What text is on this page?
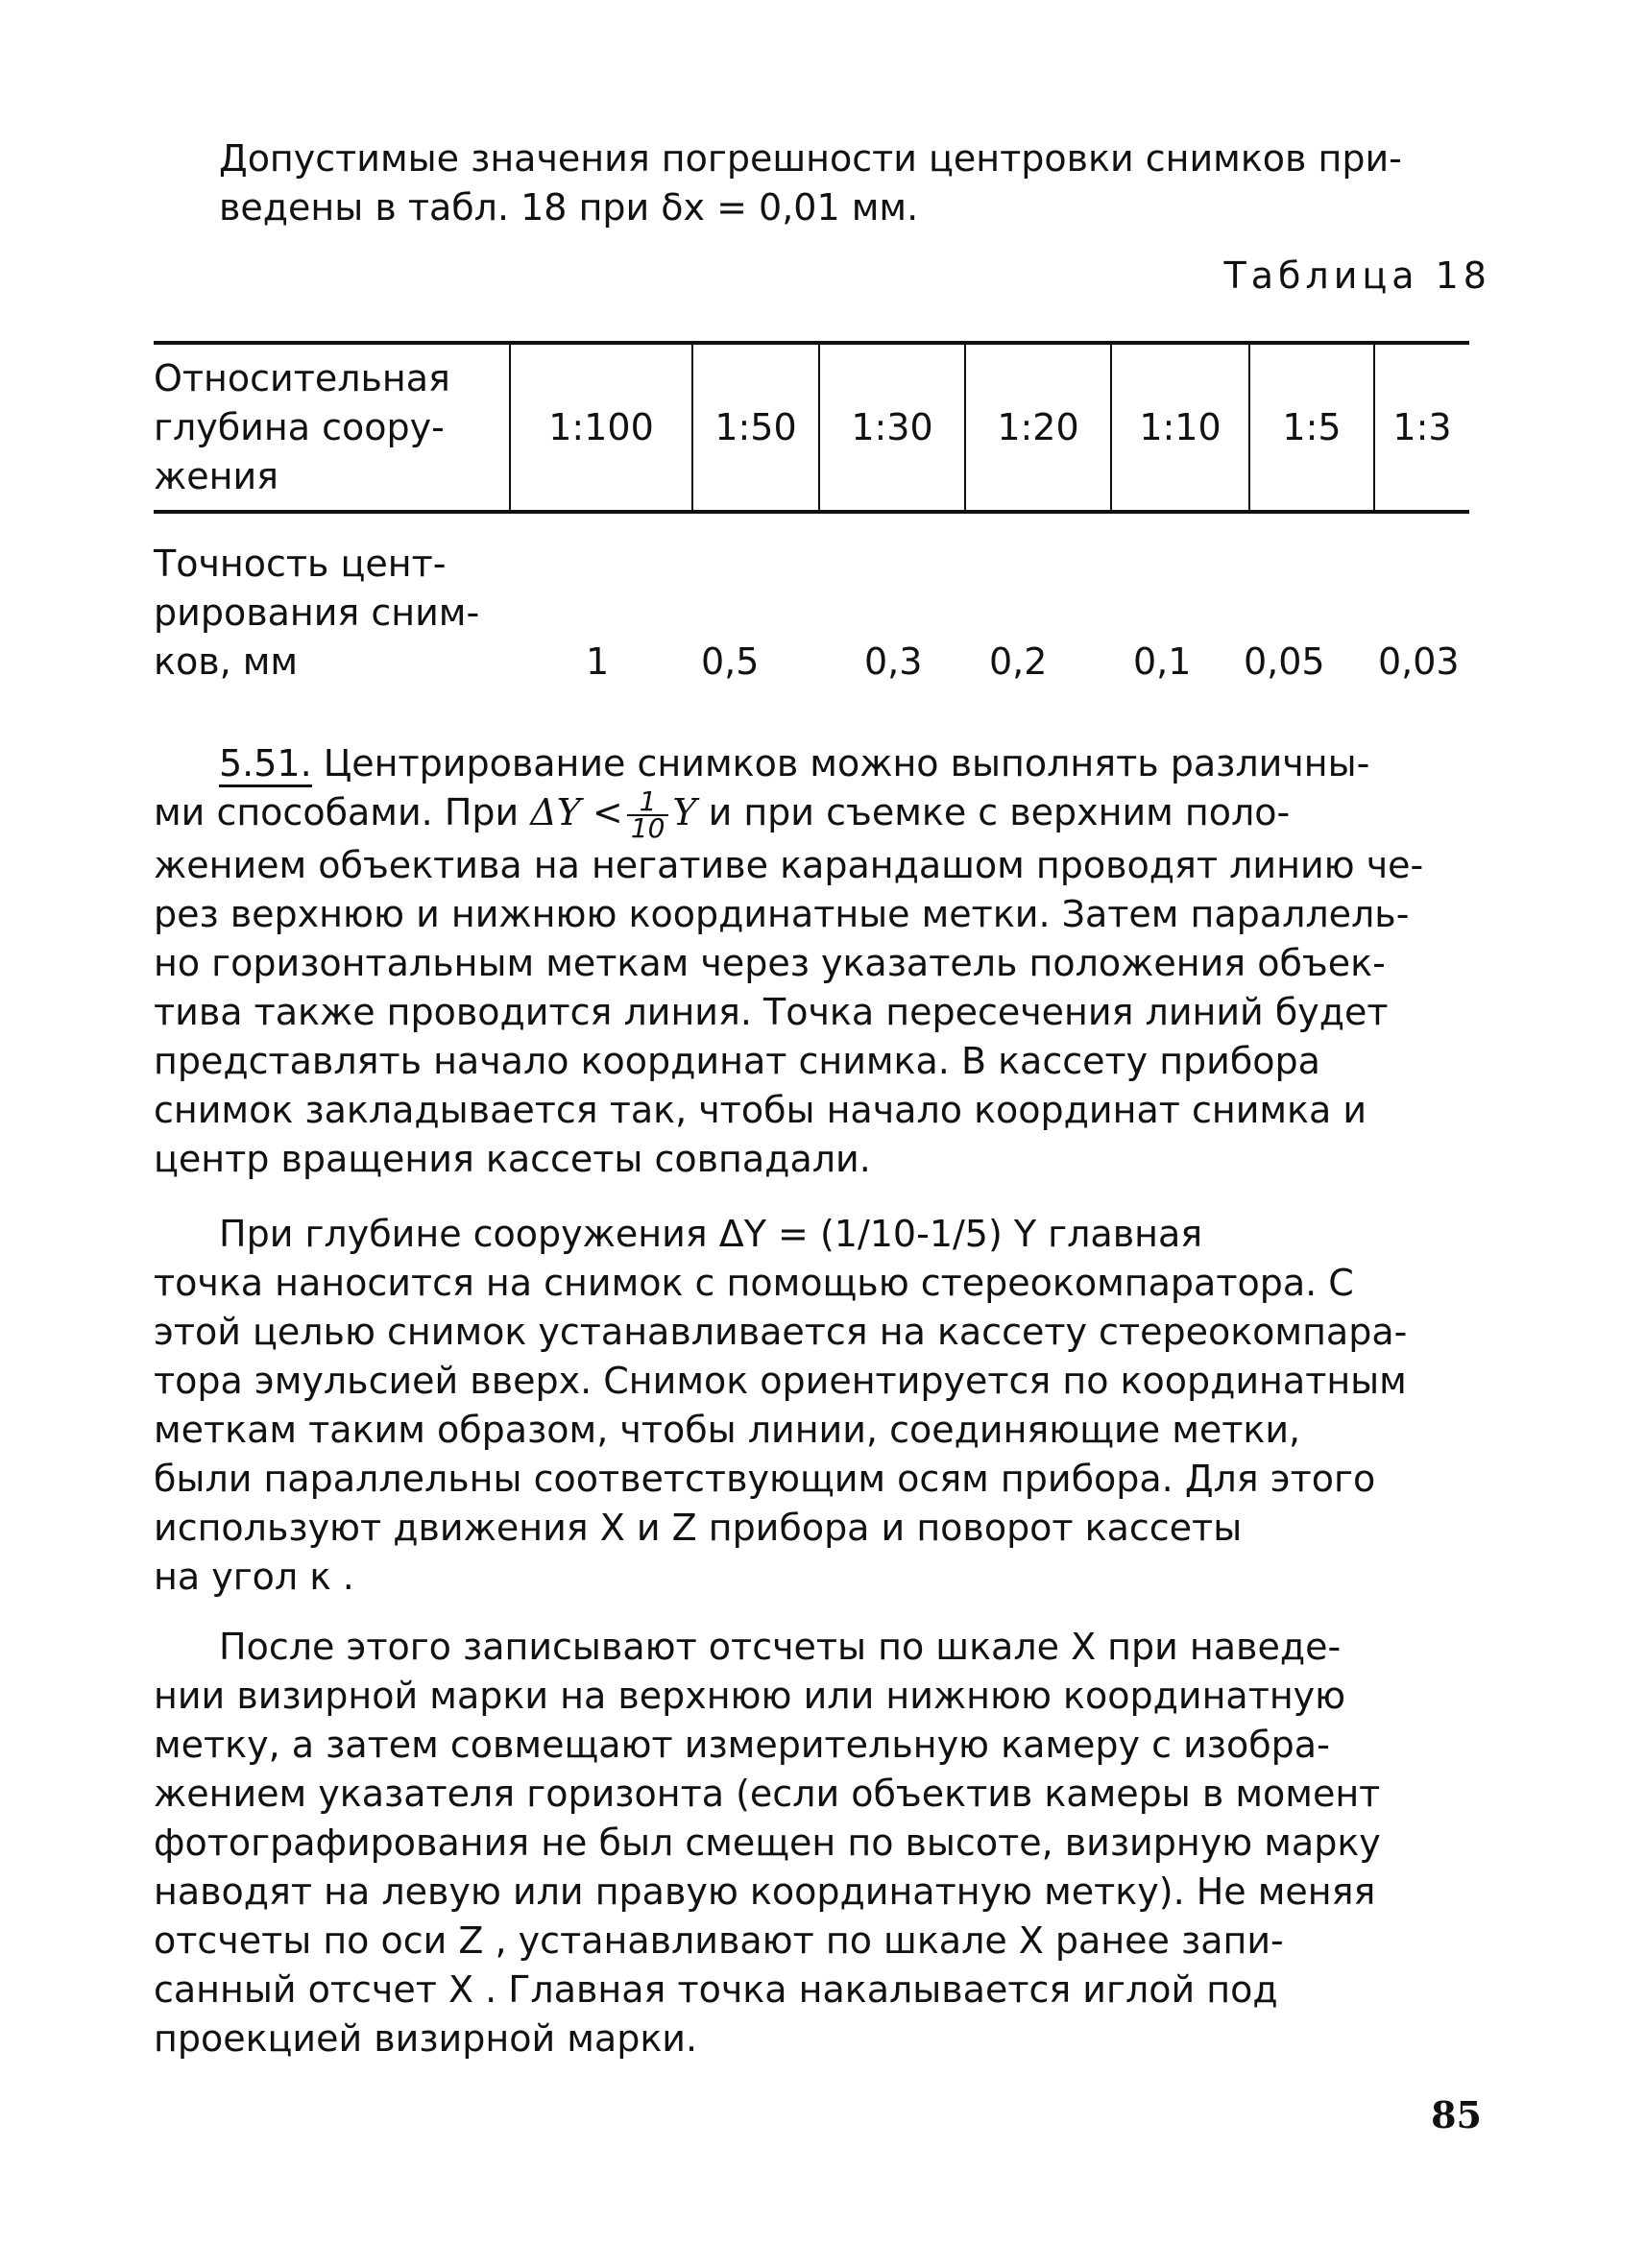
Допустимые значения погрешности центровки снимков при-
ведены в табл. 18 при δx = 0,01 мм.
Таблица 18
Относительная
глубина соору-
жения
	1:100	1:50	1:30	1:20	1:10	1:5	1:3
Точность цент-
рирования сним-
ков, мм	1	0,5	0,3 0,2 0,1 0,05 0,03
5.51. Центрирование снимков можно выполнять различны-
ми способами. При $\Delta Y < \frac{1}{10}$ Y и при съемке с верхним поло-
жением объектива на негативе карандашом проводят линию че-
рез верхнюю и нижнюю координатные метки. Затем параллель-
но горизонтальным меткам через указатель положения объек-
тива также проводится линия. Точка пересечения линий будет
представлять начало координат снимка. В кассету прибора
снимок закладывается так, чтобы начало координат снимка и
центр вращения кассеты совпадали.
При глубине сооружения ΔY = (1/10-1/5) Y главная
точка наносится на снимок с помощью стереокомпаратора. С
этой целью снимок устанавливается на кассету стереокомпара-
тора эмульсией вверх. Снимок ориентируется по координатным
меткам таким образом, чтобы линии, соединяющие метки,
были параллельны соответствующим осям прибора. Для этого
используют движения X и Z прибора и поворот кассеты
на угол κ .
После этого записывают отсчеты по шкале X при наведе-
нии визирной марки на верхнюю или нижнюю координатную
метку, а затем совмещают измерительную камеру с изобра-
жением указателя горизонта (если объектив камеры в момент
фотографирования не был смещен по высоте, визирную марку
наводят на левую или правую координатную метку). Не меняя
отсчеты по оси Z , устанавливают по шкале X ранее запи-
санный отсчет X . Главная точка накалывается иглой под
проекцией визирной марки.
85
